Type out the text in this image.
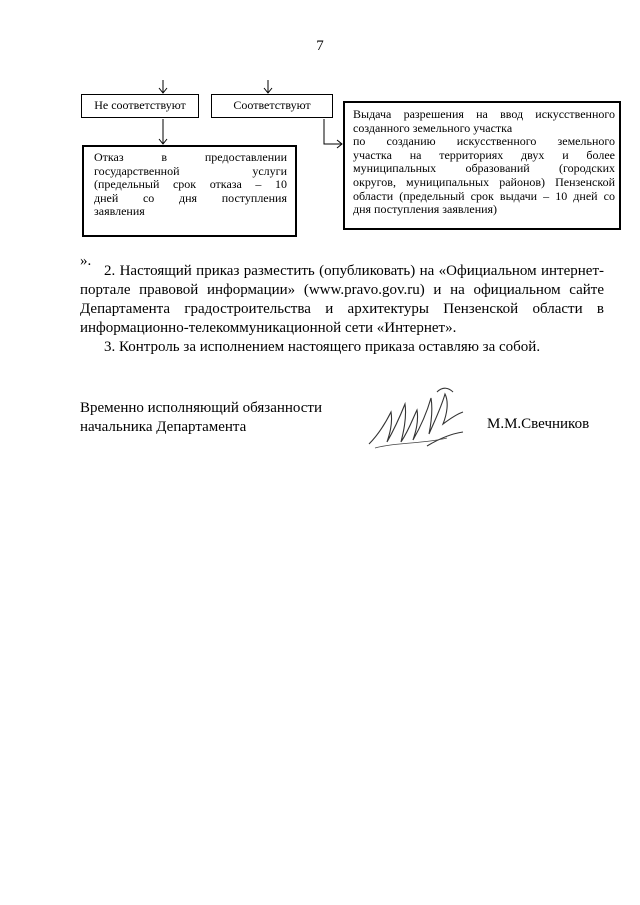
7
Не соответствуют	Соответствуют

Отказ в предоставлении

государственной услуги

(предельный срок отказа – 10

дней со дня поступления

заявления

Выдача разрешения на ввод искусственного

созданного земельного участка

по созданию искусственного земельного

участка на территориях двух и более

муниципальных образований (городских

округов, муниципальных районов) Пензенской

области (предельный срок выдачи – 10 дней со

дня поступления заявления)

».

2. Настоящий приказ разместить (опубликовать) на «Официальном интернет-портале правовой информации» (www.pravo.gov.ru) и на официальном сайте Департамента градостроительства и архитектуры Пензенской области в информационно-телекоммуникационной сети «Интернет».

3. Контроль за исполнением настоящего приказа оставляю за собой.

Временно исполняющий обязанности
начальника Департамента	М.М.Свечников
